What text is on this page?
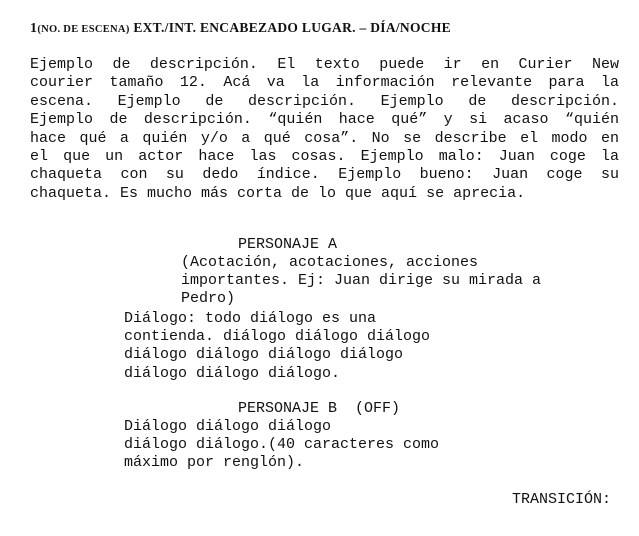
1(NO. DE ESCENA) EXT./INT. ENCABEZADO LUGAR. – DÍA/NOCHE
Ejemplo de descripción. El texto puede ir en Curier New
courier tamaño 12. Acá va la información relevante para la
escena. Ejemplo de descripción. Ejemplo de descripción.
Ejemplo de descripción. “quién hace qué” y si acaso “quién
hace qué a quién y/o a qué cosa”. No se describe el modo en
el que un actor hace las cosas. Ejemplo malo: Juan coge la
chaqueta con su dedo índice. Ejemplo bueno: Juan coge su
chaqueta. Es mucho más corta de lo que aquí se aprecia.
PERSONAJE A
(Acotación, acotaciones, acciones
importantes. Ej: Juan dirige su mirada a
Pedro)
Diálogo: todo diálogo es una
contienda. diálogo diálogo diálogo
diálogo diálogo diálogo diálogo
diálogo diálogo diálogo.
PERSONAJE B  (OFF)
Diálogo diálogo diálogo
diálogo diálogo.(40 caracteres como
máximo por renglón).
TRANSICIÓN:
